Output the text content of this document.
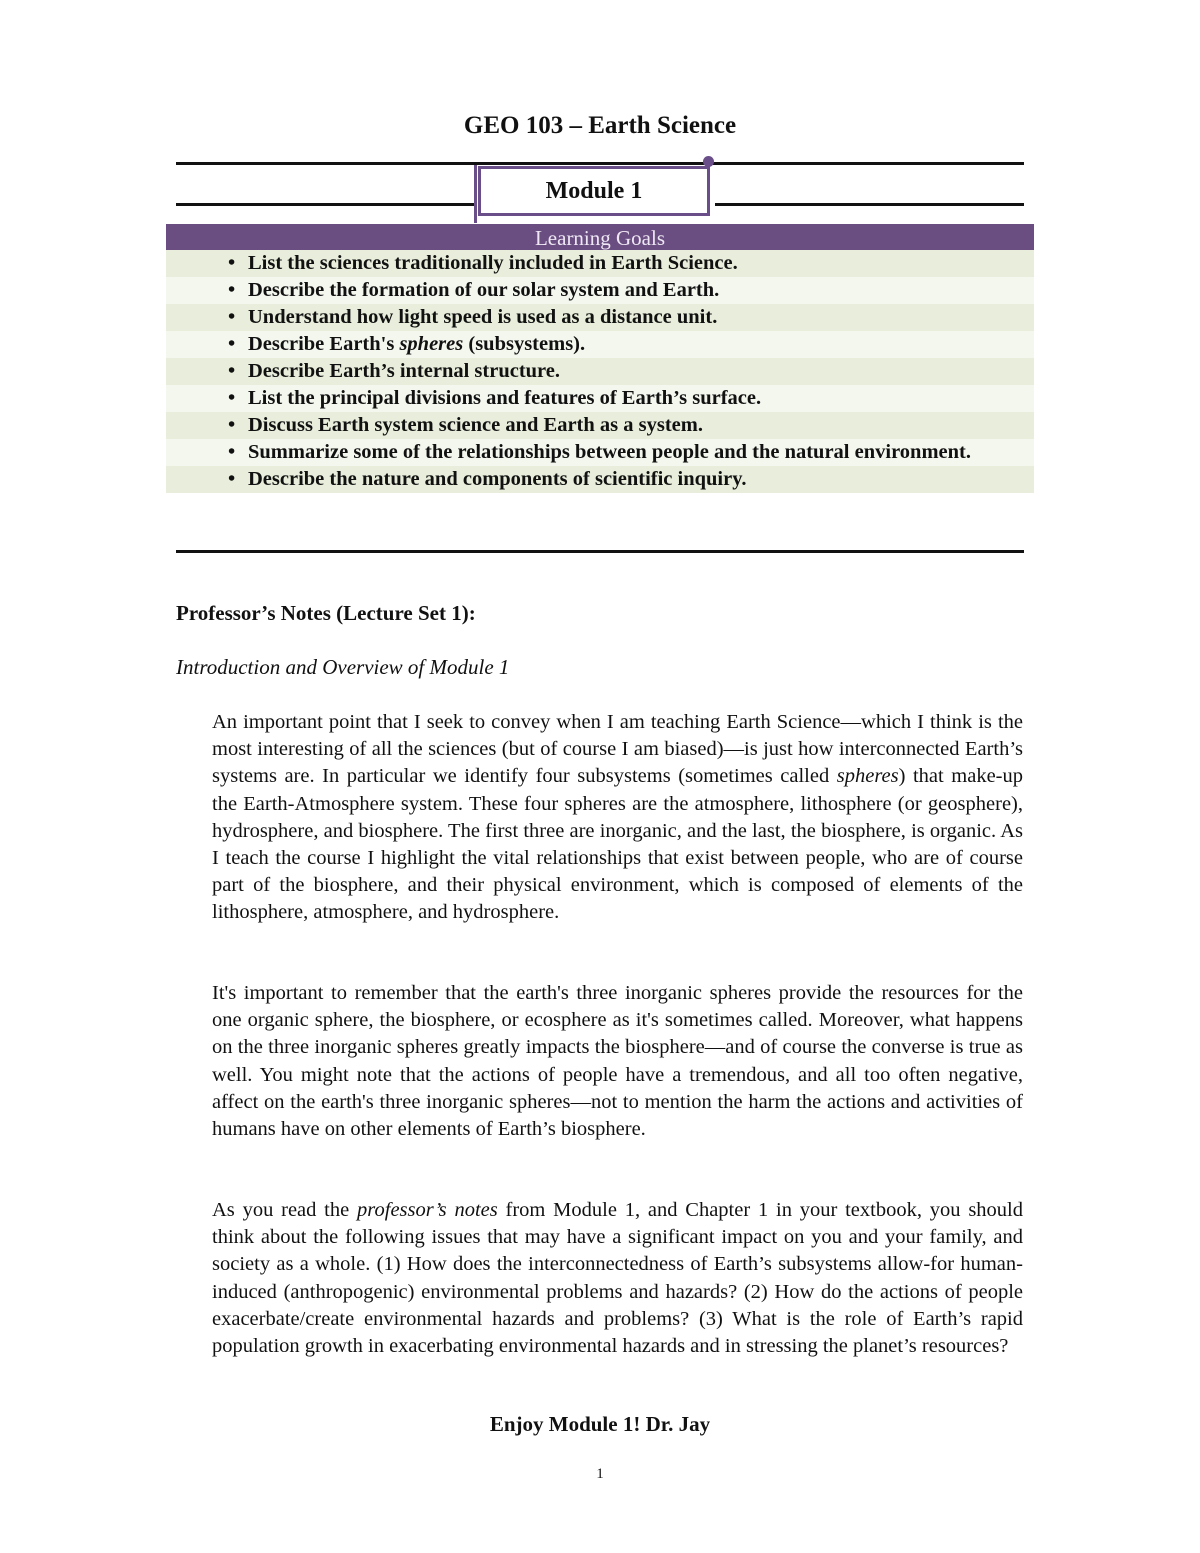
GEO 103 – Earth Science
Module 1
Learning Goals
• List the sciences traditionally included in Earth Science.
• Describe the formation of our solar system and Earth.
• Understand how light speed is used as a distance unit.
• Describe Earth's spheres (subsystems).
• Describe Earth’s internal structure.
• List the principal divisions and features of Earth’s surface.
• Discuss Earth system science and Earth as a system.
• Summarize some of the relationships between people and the natural environment.
• Describe the nature and components of scientific inquiry.
Professor’s Notes (Lecture Set 1):
Introduction and Overview of Module 1

An important point that I seek to convey when I am teaching Earth Science—which I think is the most interesting of all the sciences (but of course I am biased)—is just how interconnected Earth’s systems are. In particular we identify four subsystems (sometimes called spheres) that make-up the Earth-Atmosphere system. These four spheres are the atmosphere, lithosphere (or geosphere), hydrosphere, and biosphere. The first three are inorganic, and the last, the biosphere, is organic. As I teach the course I highlight the vital relationships that exist between people, who are of course part of the biosphere, and their physical environment, which is composed of elements of the lithosphere, atmosphere, and hydrosphere.

It's important to remember that the earth's three inorganic spheres provide the resources for the one organic sphere, the biosphere, or ecosphere as it's sometimes called. Moreover, what happens on the three inorganic spheres greatly impacts the biosphere—and of course the converse is true as well. You might note that the actions of people have a tremendous, and all too often negative, affect on the earth's three inorganic spheres—not to mention the harm the actions and activities of humans have on other elements of Earth’s biosphere.

As you read the professor’s notes from Module 1, and Chapter 1 in your textbook, you should think about the following issues that may have a significant impact on you and your family, and society as a whole. (1) How does the interconnectedness of Earth’s subsystems allow-for human-induced (anthropogenic) environmental problems and hazards? (2) How do the actions of people exacerbate/create environmental hazards and problems? (3) What is the role of Earth’s rapid population growth in exacerbating environmental hazards and in stressing the planet’s resources?

Enjoy Module 1! Dr. Jay
1
